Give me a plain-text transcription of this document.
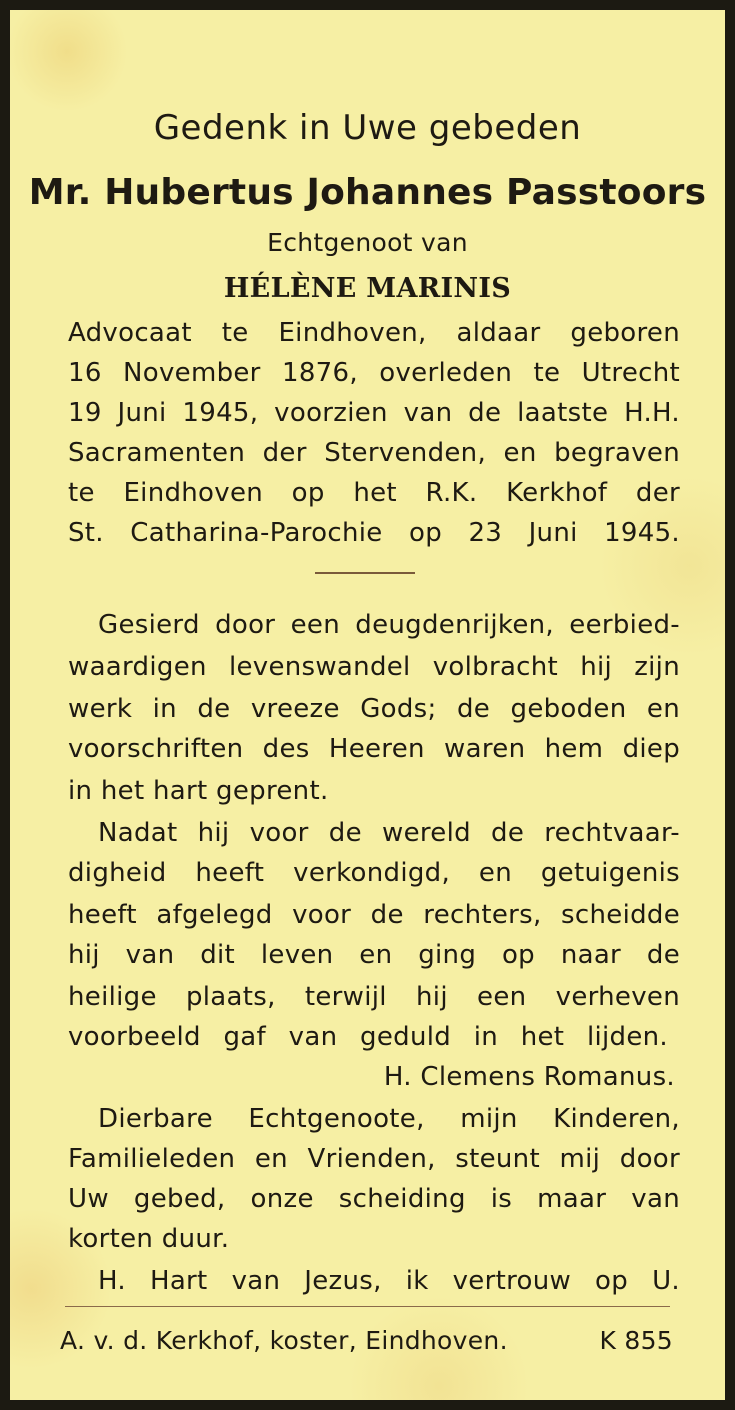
Gedenk in Uwe gebeden

Mr. Hubertus Johannes Passtoors

Echtgenoot van

HÉLÈNE MARINIS

Advocaat te Eindhoven, aldaar geboren

16 November 1876, overleden te Utrecht

19 Juni 1945, voorzien van de laatste H.H.

Sacramenten der Stervenden, en begraven

te Eindhoven op het R.K. Kerkhof der

St. Catharina-Parochie op 23 Juni 1945.

Gesierd door een deugdenrijken, eerbied-

waardigen levenswandel volbracht hij zijn

werk in de vreeze Gods; de geboden en

voorschriften des Heeren waren hem diep

in het hart geprent.

Nadat hij voor de wereld de rechtvaar-

digheid heeft verkondigd, en getuigenis

heeft afgelegd voor de rechters, scheidde

hij van dit leven en ging op naar de

heilige plaats, terwijl hij een verheven

voorbeeld gaf van geduld in het lijden.

H. Clemens Romanus.

Dierbare Echtgenoote, mijn Kinderen,

Familieleden en Vrienden, steunt mij door

Uw gebed, onze scheiding is maar van

korten duur.

H. Hart van Jezus, ik vertrouw op U.

A. v. d. Kerkhof, koster, Eindhoven.	K 855
